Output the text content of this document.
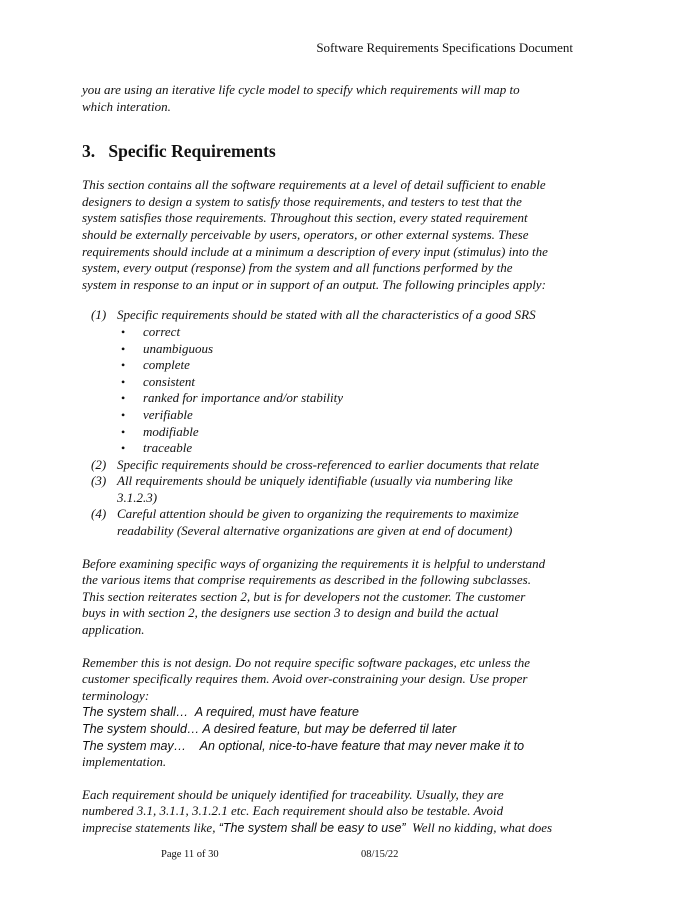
Software Requirements Specifications Document

you are using an iterative life cycle model to specify which requirements will map to
which interation.

3. Specific Requirements

This section contains all the software requirements at a level of detail sufficient to enable
designers to design a system to satisfy those requirements, and testers to test that the
system satisfies those requirements. Throughout this section, every stated requirement
should be externally perceivable by users, operators, or other external systems. These
requirements should include at a minimum a description of every input (stimulus) into the
system, every output (response) from the system and all functions performed by the
system in response to an input or in support of an output. The following principles apply:

(1) Specific requirements should be stated with all the characteristics of a good SRS
• correct
• unambiguous
• complete
• consistent
• ranked for importance and/or stability
• verifiable
• modifiable
• traceable
(2) Specific requirements should be cross-referenced to earlier documents that relate
(3) All requirements should be uniquely identifiable (usually via numbering like
3.1.2.3)
(4) Careful attention should be given to organizing the requirements to maximize
readability (Several alternative organizations are given at end of document)

Before examining specific ways of organizing the requirements it is helpful to understand
the various items that comprise requirements as described in the following subclasses.
This section reiterates section 2, but is for developers not the customer. The customer
buys in with section 2, the designers use section 3 to design and build the actual
application.

Remember this is not design. Do not require specific software packages, etc unless the
customer specifically requires them. Avoid over-constraining your design. Use proper
terminology:
The system shall…  A required, must have feature
The system should… A desired feature, but may be deferred til later
The system may…    An optional, nice-to-have feature that may never make it to
implementation.

Each requirement should be uniquely identified for traceability. Usually, they are
numbered 3.1, 3.1.1, 3.1.2.1 etc. Each requirement should also be testable. Avoid
imprecise statements like, “The system shall be easy to use”  Well no kidding, what does

Page 11 of 30	08/15/22
